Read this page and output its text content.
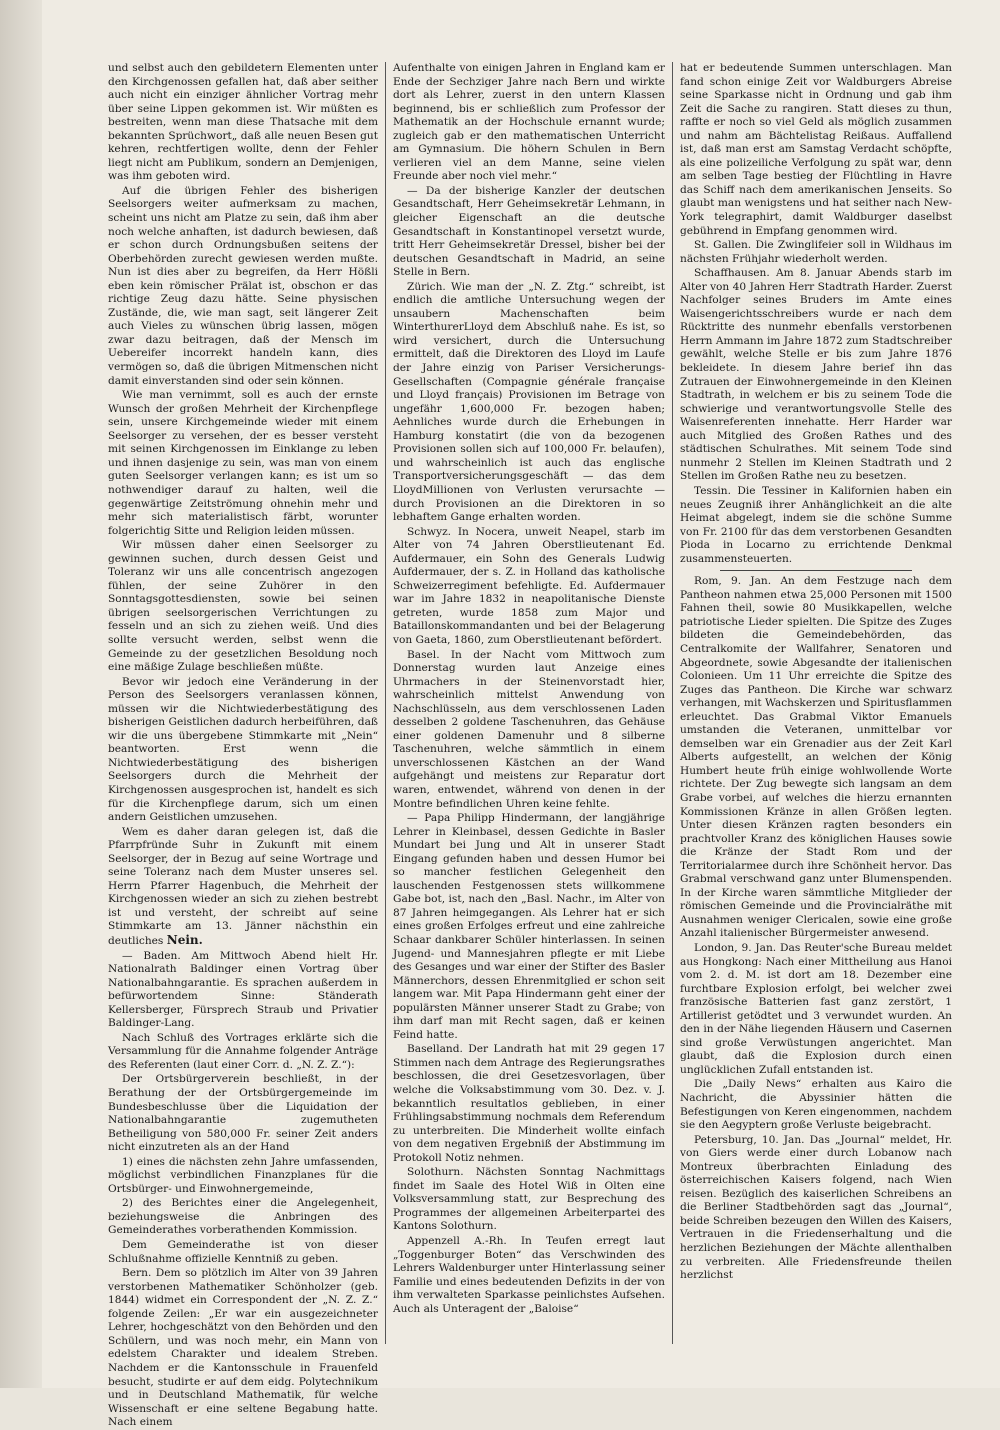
und selbst auch den gebildetern Elementen unter den Kirchgenossen gefallen hat, daß aber seither auch nicht ein einziger ähnlicher Vortrag mehr über seine Lippen gekommen ist. Wir müßten es bestreiten, wenn man diese Thatsache mit dem bekannten Sprüchwort„ daß alle neuen Besen gut kehren, rechtfertigen wollte, denn der Fehler liegt nicht am Publikum, sondern an Demjenigen, was ihm geboten wird.

Auf die übrigen Fehler des bisherigen Seelsorgers weiter aufmerksam zu machen, scheint uns nicht am Platze zu sein, daß ihm aber noch welche anhaften, ist dadurch bewiesen, daß er schon durch Ordnungsbußen seitens der Oberbehörden zurecht gewiesen werden mußte. Nun ist dies aber zu begreifen, da Herr Hößli eben kein römischer Prälat ist, obschon er das richtige Zeug dazu hätte. Seine physischen Zustände, die, wie man sagt, seit längerer Zeit auch Vieles zu wünschen übrig lassen, mögen zwar dazu beitragen, daß der Mensch im Uebereifer incorrekt handeln kann, dies vermögen so, daß die übrigen Mitmenschen nicht damit einverstanden sind oder sein können.

Wie man vernimmt, soll es auch der ernste Wunsch der großen Mehrheit der Kirchenpflege sein, unsere Kirchgemeinde wieder mit einem Seelsorger zu versehen, der es besser versteht mit seinen Kirchgenossen im Einklange zu leben und ihnen dasjenige zu sein, was man von einem guten Seelsorger verlangen kann; es ist um so nothwendiger darauf zu halten, weil die gegenwärtige Zeitströmung ohnehin mehr und mehr sich materialistisch färbt, worunter folgerichtig Sitte und Religion leiden müssen.

Wir müssen daher einen Seelsorger zu gewinnen suchen, durch dessen Geist und Toleranz wir uns alle concentrisch angezogen fühlen, der seine Zuhörer in den Sonntagsgottesdiensten, sowie bei seinen übrigen seelsorgerischen Verrichtungen zu fesseln und an sich zu ziehen weiß. Und dies sollte versucht werden, selbst wenn die Gemeinde zu der gesetzlichen Besoldung noch eine mäßige Zulage beschließen müßte.

Bevor wir jedoch eine Veränderung in der Person des Seelsorgers veranlassen können, müssen wir die Nichtwiederbestätigung des bisherigen Geistlichen dadurch herbeiführen, daß wir die uns übergebene Stimmkarte mit „Nein“ beantworten. Erst wenn die Nichtwiederbestätigung des bisherigen Seelsorgers durch die Mehrheit der Kirchgenossen ausgesprochen ist, handelt es sich für die Kirchenpflege darum, sich um einen andern Geistlichen umzusehen.

Wem es daher daran gelegen ist, daß die Pfarrpfründe Suhr in Zukunft mit einem Seelsorger, der in Bezug auf seine Wortrage und seine Toleranz nach dem Muster unseres sel. Herrn Pfarrer Hagenbuch, die Mehrheit der Kirchgenossen wieder an sich zu ziehen bestrebt ist und versteht, der schreibt auf seine Stimmkarte am 13. Jänner nächsthin ein deutliches Nein.

— Baden. Am Mittwoch Abend hielt Hr. Nationalrath Baldinger einen Vortrag über Nationalbahngarantie. Es sprachen außerdem in befürwortendem Sinne: Ständerath Kellersberger, Fürsprech Straub und Privatier Baldinger-Lang.

Nach Schluß des Vortrages erklärte sich die Versammlung für die Annahme folgender Anträge des Referenten (laut einer Corr. d. „N. Z. Z.“):

Der Ortsbürgerverein beschließt, in der Berathung der der Ortsbürgergemeinde im Bundesbeschlusse über die Liquidation der Nationalbahngarantie zugemutheten Betheiligung von 580,000 Fr. seiner Zeit anders nicht einzutreten als an der Hand

1) eines die nächsten zehn Jahre umfassenden, möglichst verbindlichen Finanzplanes für die Ortsbürger- und Einwohnergemeinde,

2) des Berichtes einer die Angelegenheit, beziehungsweise die Anbringen des Gemeinderathes vorberathenden Kommission.

Dem Gemeinderathe ist von dieser Schlußnahme offizielle Kenntniß zu geben.

Bern. Dem so plötzlich im Alter von 39 Jahren verstorbenen Mathematiker Schönholzer (geb. 1844) widmet ein Correspondent der „N. Z. Z.“ folgende Zeilen: „Er war ein ausgezeichneter Lehrer, hochgeschätzt von den Behörden und den Schülern, und was noch mehr, ein Mann von edelstem Charakter und idealem Streben. Nachdem er die Kantonsschule in Frauenfeld besucht, studirte er auf dem eidg. Polytechnikum und in Deutschland Mathematik, für welche Wissenschaft er eine seltene Begabung hatte. Nach einem

Aufenthalte von einigen Jahren in England kam er Ende der Sechziger Jahre nach Bern und wirkte dort als Lehrer, zuerst in den untern Klassen beginnend, bis er schließlich zum Professor der Mathematik an der Hochschule ernannt wurde; zugleich gab er den mathematischen Unterricht am Gymnasium. Die höhern Schulen in Bern verlieren viel an dem Manne, seine vielen Freunde aber noch viel mehr.“

— Da der bisherige Kanzler der deutschen Gesandtschaft, Herr Geheimsekretär Lehmann, in gleicher Eigenschaft an die deutsche Gesandtschaft in Konstantinopel versetzt wurde, tritt Herr Geheimsekretär Dressel, bisher bei der deutschen Gesandtschaft in Madrid, an seine Stelle in Bern.

Zürich. Wie man der „N. Z. Ztg.“ schreibt, ist endlich die amtliche Untersuchung wegen der unsaubern Machenschaften beim WinterthurerLloyd dem Abschluß nahe. Es ist, so wird versichert, durch die Untersuchung ermittelt, daß die Direktoren des Lloyd im Laufe der Jahre einzig von Pariser Versicherungs-Gesellschaften (Compagnie générale française und Lloyd français) Provisionen im Betrage von ungefähr 1,600,000 Fr. bezogen haben; Aehnliches wurde durch die Erhebungen in Hamburg konstatirt (die von da bezogenen Provisionen sollen sich auf 100,000 Fr. belaufen), und wahrscheinlich ist auch das englische Transportversicherungsgeschäft — das dem LloydMillionen von Verlusten verursachte — durch Provisionen an die Direktoren in so lebhaftem Gange erhalten worden.

Schwyz. In Nocera, unweit Neapel, starb im Alter von 74 Jahren Oberstlieutenant Ed. Aufdermauer, ein Sohn des Generals Ludwig Aufdermauer, der s. Z. in Holland das katholische Schweizerregiment befehligte. Ed. Aufdermauer war im Jahre 1832 in neapolitanische Dienste getreten, wurde 1858 zum Major und Bataillonskommandanten und bei der Belagerung von Gaeta, 1860, zum Oberstlieutenant befördert.

Basel. In der Nacht vom Mittwoch zum Donnerstag wurden laut Anzeige eines Uhrmachers in der Steinenvorstadt hier, wahrscheinlich mittelst Anwendung von Nachschlüsseln, aus dem verschlossenen Laden desselben 2 goldene Taschenuhren, das Gehäuse einer goldenen Damenuhr und 8 silberne Taschenuhren, welche sämmtlich in einem unverschlossenen Kästchen an der Wand aufgehängt und meistens zur Reparatur dort waren, entwendet, während von denen in der Montre befindlichen Uhren keine fehlte.

— Papa Philipp Hindermann, der langjährige Lehrer in Kleinbasel, dessen Gedichte in Basler Mundart bei Jung und Alt in unserer Stadt Eingang gefunden haben und dessen Humor bei so mancher festlichen Gelegenheit den lauschenden Festgenossen stets willkommene Gabe bot, ist, nach den „Basl. Nachr., im Alter von 87 Jahren heimgegangen. Als Lehrer hat er sich eines großen Erfolges erfreut und eine zahlreiche Schaar dankbarer Schüler hinterlassen. In seinen Jugend- und Mannesjahren pflegte er mit Liebe des Gesanges und war einer der Stifter des Basler Männerchors, dessen Ehrenmitglied er schon seit langem war. Mit Papa Hindermann geht einer der populärsten Männer unserer Stadt zu Grabe; von ihm darf man mit Recht sagen, daß er keinen Feind hatte.

Baselland. Der Landrath hat mit 29 gegen 17 Stimmen nach dem Antrage des Regierungsrathes beschlossen, die drei Gesetzesvorlagen, über welche die Volksabstimmung vom 30. Dez. v. J. bekanntlich resultatlos geblieben, in einer Frühlingsabstimmung nochmals dem Referendum zu unterbreiten. Die Minderheit wollte einfach von dem negativen Ergebniß der Abstimmung im Protokoll Notiz nehmen.

Solothurn. Nächsten Sonntag Nachmittags findet im Saale des Hotel Wiß in Olten eine Volksversammlung statt, zur Besprechung des Programmes der allgemeinen Arbeiterpartei des Kantons Solothurn.

Appenzell A.-Rh. In Teufen erregt laut „Toggenburger Boten“ das Verschwinden des Lehrers Waldenburger unter Hinterlassung seiner Familie und eines bedeutenden Defizits in der von ihm verwalteten Sparkasse peinlichstes Aufsehen. Auch als Unteragent der „Baloise“

hat er bedeutende Summen unterschlagen. Man fand schon einige Zeit vor Waldburgers Abreise seine Sparkasse nicht in Ordnung und gab ihm Zeit die Sache zu rangiren. Statt dieses zu thun, raffte er noch so viel Geld als möglich zusammen und nahm am Bächtelistag Reißaus. Auffallend ist, daß man erst am Samstag Verdacht schöpfte, als eine polizeiliche Verfolgung zu spät war, denn am selben Tage bestieg der Flüchtling in Havre das Schiff nach dem amerikanischen Jenseits. So glaubt man wenigstens und hat seither nach New-York telegraphirt, damit Waldburger daselbst gebührend in Empfang genommen wird.

St. Gallen. Die Zwinglifeier soll in Wildhaus im nächsten Frühjahr wiederholt werden.

Schaffhausen. Am 8. Januar Abends starb im Alter von 40 Jahren Herr Stadtrath Harder. Zuerst Nachfolger seines Bruders im Amte eines Waisengerichtsschreibers wurde er nach dem Rücktritte des nunmehr ebenfalls verstorbenen Herrn Ammann im Jahre 1872 zum Stadtschreiber gewählt, welche Stelle er bis zum Jahre 1876 bekleidete. In diesem Jahre berief ihn das Zutrauen der Einwohnergemeinde in den Kleinen Stadtrath, in welchem er bis zu seinem Tode die schwierige und verantwortungsvolle Stelle des Waisenreferenten innehatte. Herr Harder war auch Mitglied des Großen Rathes und des städtischen Schulrathes. Mit seinem Tode sind nunmehr 2 Stellen im Kleinen Stadtrath und 2 Stellen im Großen Rathe neu zu besetzen.

Tessin. Die Tessiner in Kalifornien haben ein neues Zeugniß ihrer Anhänglichkeit an die alte Heimat abgelegt, indem sie die schöne Summe von Fr. 2100 für das dem verstorbenen Gesandten Pioda in Locarno zu errichtende Denkmal zusammensteuerten.

Rom, 9. Jan. An dem Festzuge nach dem Pantheon nahmen etwa 25,000 Personen mit 1500 Fahnen theil, sowie 80 Musikkapellen, welche patriotische Lieder spielten. Die Spitze des Zuges bildeten die Gemeindebehörden, das Centralkomite der Wallfahrer, Senatoren und Abgeordnete, sowie Abgesandte der italienischen Colonieen. Um 11 Uhr erreichte die Spitze des Zuges das Pantheon. Die Kirche war schwarz verhangen, mit Wachskerzen und Spiritusflammen erleuchtet. Das Grabmal Viktor Emanuels umstanden die Veteranen, unmittelbar vor demselben war ein Grenadier aus der Zeit Karl Alberts aufgestellt, an welchen der König Humbert heute früh einige wohlwollende Worte richtete. Der Zug bewegte sich langsam an dem Grabe vorbei, auf welches die hierzu ernannten Kommissionen Kränze in allen Größen legten. Unter diesen Kränzen ragten besonders ein prachtvoller Kranz des königlichen Hauses sowie die Kränze der Stadt Rom und der Territorialarmee durch ihre Schönheit hervor. Das Grabmal verschwand ganz unter Blumenspenden. In der Kirche waren sämmtliche Mitglieder der römischen Gemeinde und die Provincialräthe mit Ausnahmen weniger Clericalen, sowie eine große Anzahl italienischer Bürgermeister anwesend.

London, 9. Jan. Das Reuter'sche Bureau meldet aus Hongkong: Nach einer Mittheilung aus Hanoi vom 2. d. M. ist dort am 18. Dezember eine furchtbare Explosion erfolgt, bei welcher zwei französische Batterien fast ganz zerstört, 1 Artillerist getödtet und 3 verwundet wurden. An den in der Nähe liegenden Häusern und Casernen sind große Verwüstungen angerichtet. Man glaubt, daß die Explosion durch einen unglücklichen Zufall entstanden ist.

Die „Daily News“ erhalten aus Kairo die Nachricht, die Abyssinier hätten die Befestigungen von Keren eingenommen, nachdem sie den Aegyptern große Verluste beigebracht.

Petersburg, 10. Jan. Das „Journal“ meldet, Hr. von Giers werde einer durch Lobanow nach Montreux überbrachten Einladung des österreichischen Kaisers folgend, nach Wien reisen. Bezüglich des kaiserlichen Schreibens an die Berliner Stadtbehörden sagt das „Journal“, beide Schreiben bezeugen den Willen des Kaisers, Vertrauen in die Friedenserhaltung und die herzlichen Beziehungen der Mächte allenthalben zu verbreiten. Alle Friedensfreunde theilen herzlichst
